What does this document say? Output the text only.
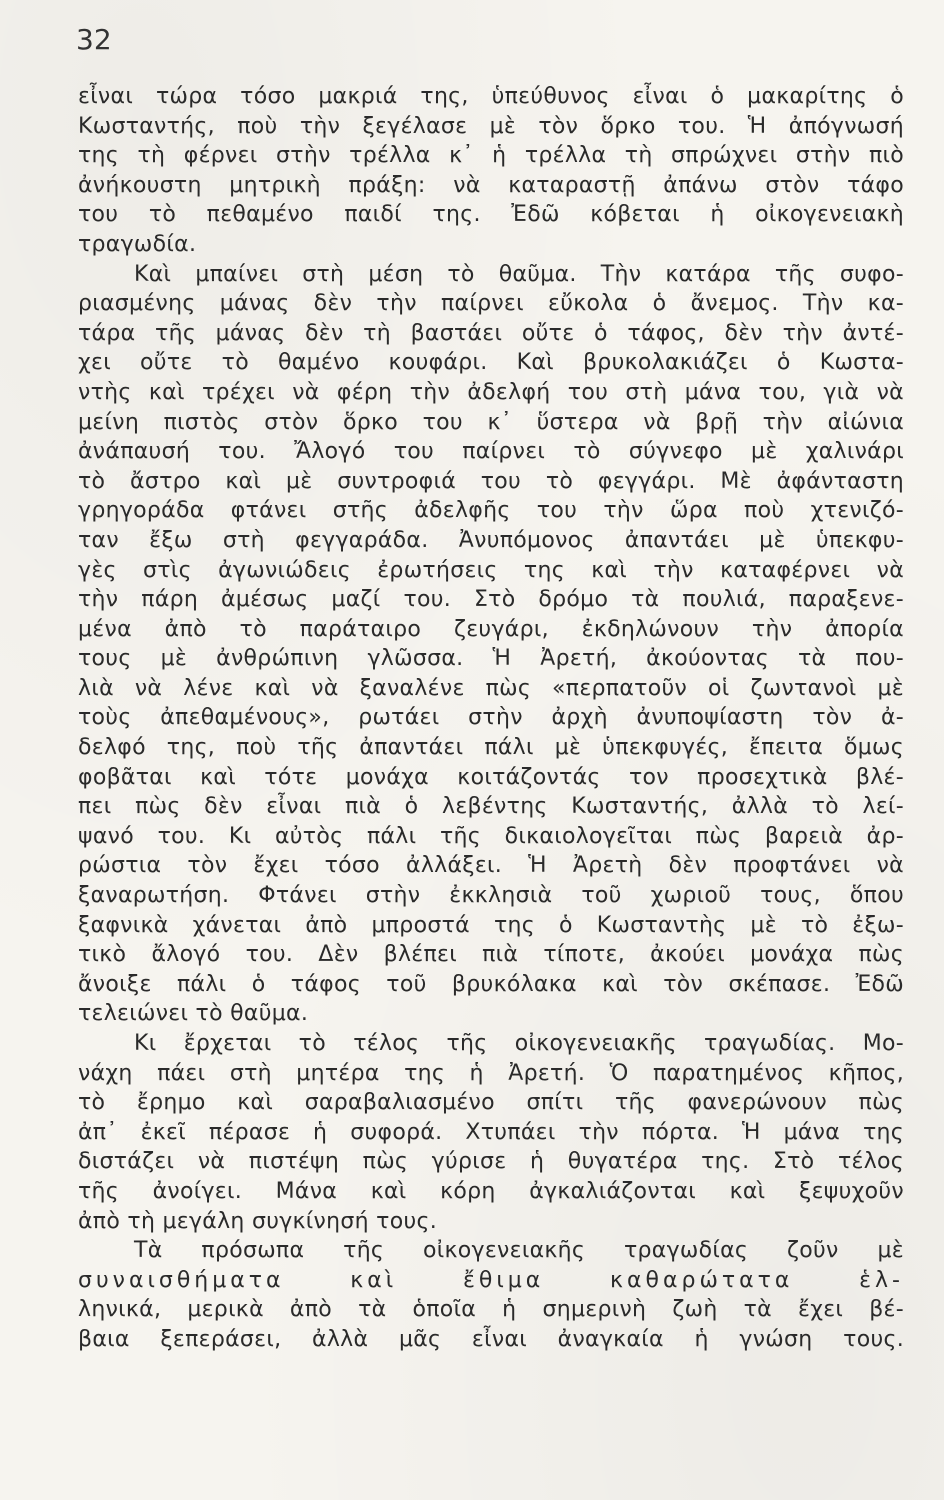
32
εἶναι τώρα τόσο μακριά της, ὑπεύθυνος εἶναι ὁ μακαρίτης ὁ
Κωσταντής, ποὺ τὴν ξεγέλασε μὲ τὸν ὅρκο του. Ἡ ἀπόγνωσή
της τὴ φέρνει στὴν τρέλλα κ᾽ ἡ τρέλλα τὴ σπρώχνει στὴν πιὸ
ἀνήκουστη μητρικὴ πράξη: νὰ καταραστῇ ἀπάνω στὸν τάφο
του τὸ πεθαμένο παιδί της. Ἐδῶ κόβεται ἡ οἰκογενειακὴ
τραγωδία.
Καὶ μπαίνει στὴ μέση τὸ θαῦμα. Τὴν κατάρα τῆς συφο-
ριασμένης μάνας δὲν τὴν παίρνει εὔκολα ὁ ἄνεμος. Τὴν κα-
τάρα τῆς μάνας δὲν τὴ βαστάει οὔτε ὁ τάφος, δὲν τὴν ἀντέ-
χει οὔτε τὸ θαμένο κουφάρι. Καὶ βρυκολακιάζει ὁ Κωστα-
ντὴς καὶ τρέχει νὰ φέρη τὴν ἀδελφή του στὴ μάνα του, γιὰ νὰ
μείνη πιστὸς στὸν ὅρκο του κ᾽ ὕστερα νὰ βρῇ τὴν αἰώνια
ἀνάπαυσή του. Ἄλογό του παίρνει τὸ σύγνεφο μὲ χαλινάρι
τὸ ἄστρο καὶ μὲ συντροφιά του τὸ φεγγάρι. Μὲ ἀφάνταστη
γρηγοράδα φτάνει στῆς ἀδελφῆς του τὴν ὥρα ποὺ χτενιζό-
ταν ἔξω στὴ φεγγαράδα. Ἀνυπόμονος ἀπαντάει μὲ ὑπεκφυ-
γὲς στὶς ἀγωνιώδεις ἐρωτήσεις της καὶ τὴν καταφέρνει νὰ
τὴν πάρη ἀμέσως μαζί του. Στὸ δρόμο τὰ πουλιά, παραξενε-
μένα ἀπὸ τὸ παράταιρο ζευγάρι, ἐκδηλώνουν τὴν ἀπορία
τους μὲ ἀνθρώπινη γλῶσσα. Ἡ Ἀρετή, ἀκούοντας τὰ που-
λιὰ νὰ λένε καὶ νὰ ξαναλένε πὼς «περπατοῦν οἱ ζωντανοὶ μὲ
τοὺς ἀπεθαμένους», ρωτάει στὴν ἀρχὴ ἀνυποψίαστη τὸν ἀ-
δελφό της, ποὺ τῆς ἀπαντάει πάλι μὲ ὑπεκφυγές, ἔπειτα ὅμως
φοβᾶται καὶ τότε μονάχα κοιτάζοντάς τον προσεχτικὰ βλέ-
πει πὼς δὲν εἶναι πιὰ ὁ λεβέντης Κωσταντής, ἀλλὰ τὸ λεί-
ψανό του. Κι αὐτὸς πάλι τῆς δικαιολογεῖται πὼς βαρειὰ ἀρ-
ρώστια τὸν ἔχει τόσο ἀλλάξει. Ἡ Ἀρετὴ δὲν προφτάνει νὰ
ξαναρωτήση. Φτάνει στὴν ἐκκλησιὰ τοῦ χωριοῦ τους, ὅπου
ξαφνικὰ χάνεται ἀπὸ μπροστά της ὁ Κωσταντὴς μὲ τὸ ἐξω-
τικὸ ἄλογό του. Δὲν βλέπει πιὰ τίποτε, ἀκούει μονάχα πὼς
ἄνοιξε πάλι ὁ τάφος τοῦ βρυκόλακα καὶ τὸν σκέπασε. Ἐδῶ
τελειώνει τὸ θαῦμα.
Κι ἔρχεται τὸ τέλος τῆς οἰκογενειακῆς τραγωδίας. Μο-
νάχη πάει στὴ μητέρα της ἡ Ἀρετή. Ὁ παρατημένος κῆπος,
τὸ ἔρημο καὶ σαραβαλιασμένο σπίτι τῆς φανερώνουν πὼς
ἀπ᾽ ἐκεῖ πέρασε ἡ συφορά. Χτυπάει τὴν πόρτα. Ἡ μάνα της
διστάζει νὰ πιστέψη πὼς γύρισε ἡ θυγατέρα της. Στὸ τέλος
τῆς ἀνοίγει. Μάνα καὶ κόρη ἀγκαλιάζονται καὶ ξεψυχοῦν
ἀπὸ τὴ μεγάλη συγκίνησή τους.
Τὰ πρόσωπα τῆς οἰκογενειακῆς τραγωδίας ζοῦν μὲ
συναισθήματα καὶ ἔθιμα καθαρώτατα ἑλ-
ληνικά, μερικὰ ἀπὸ τὰ ὁποῖα ἡ σημερινὴ ζωὴ τὰ ἔχει βέ-
βαια ξεπεράσει, ἀλλὰ μᾶς εἶναι ἀναγκαία ἡ γνώση τους.
